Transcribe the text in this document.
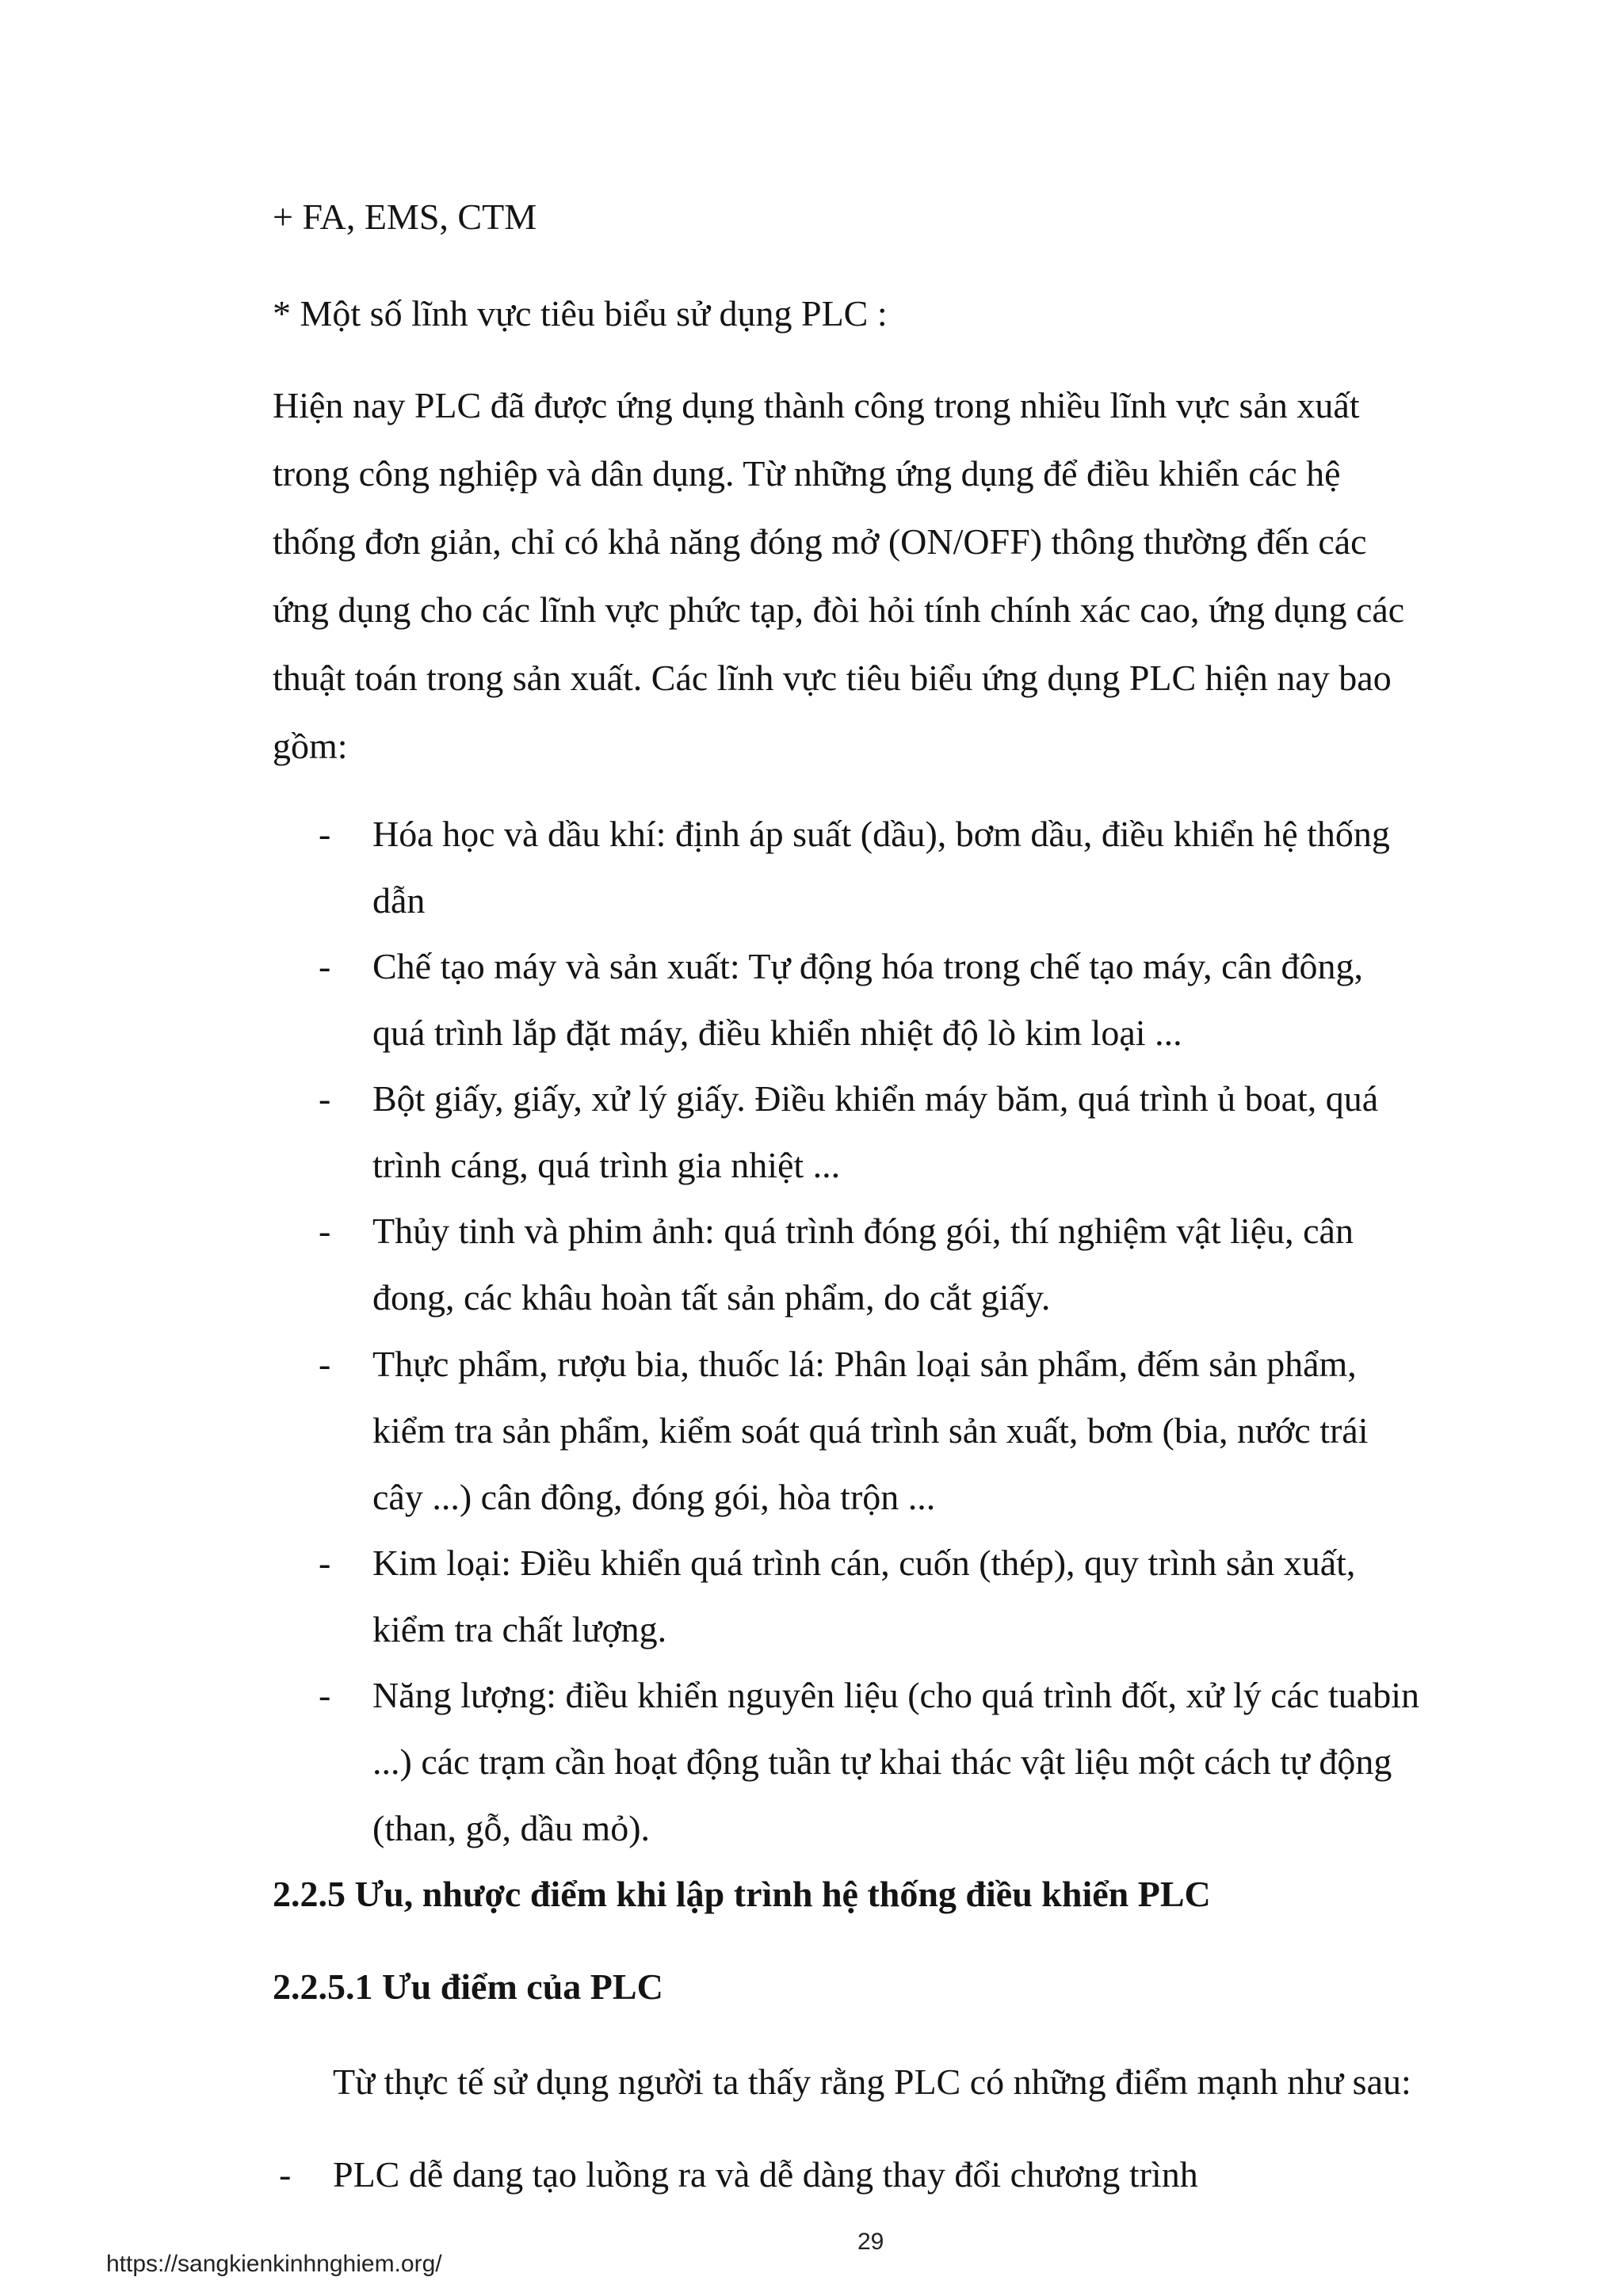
+ FA, EMS, CTM
* Một số lĩnh vực tiêu biểu sử dụng PLC :
Hiện nay PLC đã được ứng dụng thành công trong nhiều lĩnh vực sản xuất
trong công nghiệp và dân dụng. Từ những ứng dụng để điều khiển các hệ
thống đơn giản, chỉ có khả năng đóng mở (ON/OFF) thông thường đến các
ứng dụng cho các lĩnh vực phức tạp, đòi hỏi tính chính xác cao, ứng dụng các
thuật toán trong sản xuất. Các lĩnh vực tiêu biểu ứng dụng PLC hiện nay bao
gồm:
- Hóa học và dầu khí: định áp suất (dầu), bơm dầu, điều khiển hệ thống
dẫn
- Chế tạo máy và sản xuất: Tự động hóa trong chế tạo máy, cân đông,
quá trình lắp đặt máy, điều khiển nhiệt độ lò kim loại ...
- Bột giấy, giấy, xử lý giấy. Điều khiển máy băm, quá trình ủ boat, quá
trình cáng, quá trình gia nhiệt ...
- Thủy tinh và phim ảnh: quá trình đóng gói, thí nghiệm vật liệu, cân
đong, các khâu hoàn tất sản phẩm, do cắt giấy.
- Thực phẩm, rượu bia, thuốc lá: Phân loại sản phẩm, đếm sản phẩm,
kiểm tra sản phẩm, kiểm soát quá trình sản xuất, bơm (bia, nước trái
cây ...) cân đông, đóng gói, hòa trộn ...
- Kim loại: Điều khiển quá trình cán, cuốn (thép), quy trình sản xuất,
kiểm tra chất lượng.
- Năng lượng: điều khiển nguyên liệu (cho quá trình đốt, xử lý các tuabin
...) các trạm cần hoạt động tuần tự khai thác vật liệu một cách tự động
(than, gỗ, dầu mỏ).
2.2.5 Ưu, nhược điểm khi lập trình hệ thống điều khiển PLC
2.2.5.1 Ưu điểm của PLC
Từ thực tế sử dụng người ta thấy rằng PLC có những điểm mạnh như sau:
- PLC dễ dang tạo luồng ra và dễ dàng thay đổi chương trình
29
https://sangkienkinhnghiem.org/
